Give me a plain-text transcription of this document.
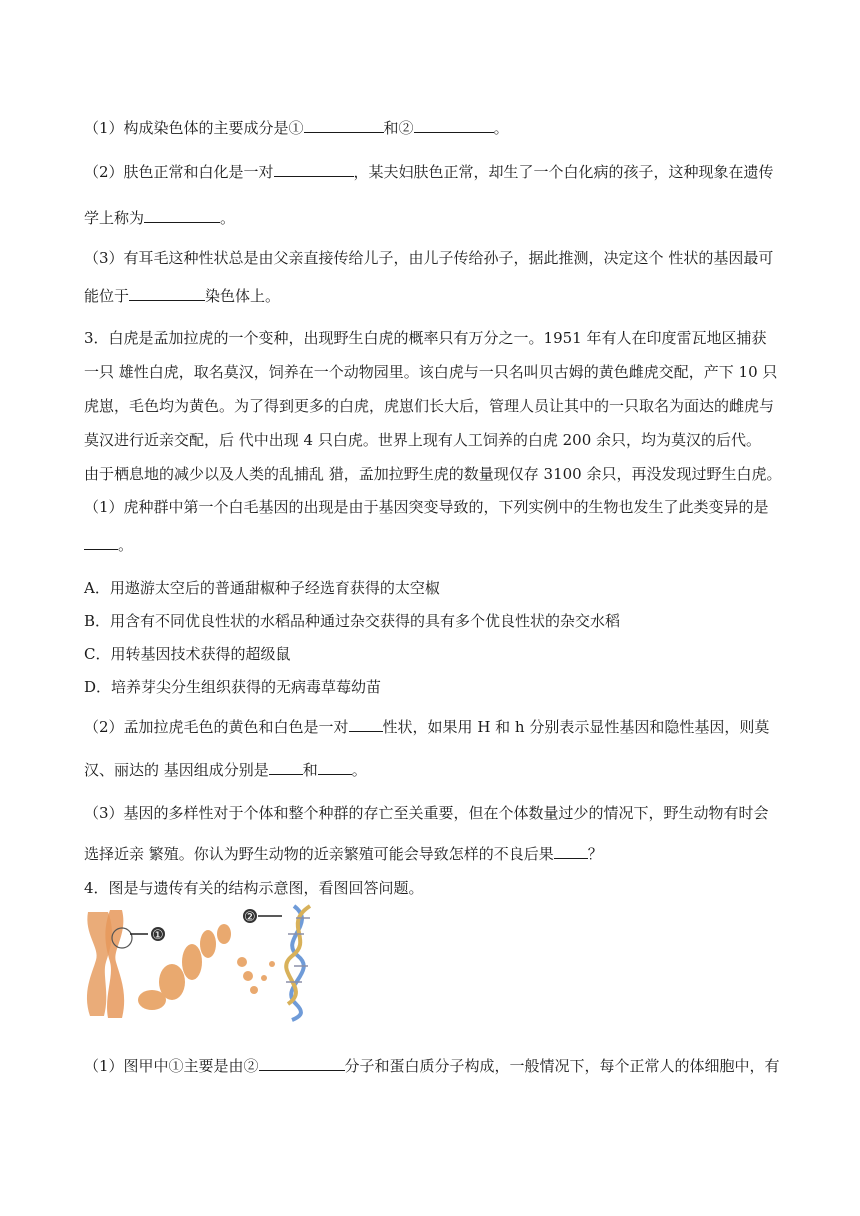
（1）构成染色体的主要成分是①	和②	。
（2）肤色正常和白化是一对	，某夫妇肤色正常，却生了一个白化病的孩子，这种现象在遗传
学上称为	。
（3）有耳毛这种性状总是由父亲直接传给儿子，由儿子传给孙子，据此推测，决定这个 性状的基因最可
能位于	染色体上。
3．白虎是孟加拉虎的一个变种，出现野生白虎的概率只有万分之一。1951 年有人在印度雷瓦地区捕获
一只 雄性白虎，取名莫汉，饲养在一个动物园里。该白虎与一只名叫贝古姆的黄色雌虎交配，产下 10 只
虎崽，毛色均为黄色。为了得到更多的白虎，虎崽们长大后，管理人员让其中的一只取名为面达的雌虎与
莫汉进行近亲交配，后 代中出现 4 只白虎。世界上现有人工饲养的白虎 200 余只，均为莫汉的后代。
由于栖息地的减少以及人类的乱捕乱 猎，孟加拉野生虎的数量现仅存 3100 余只，再没发现过野生白虎。
（1）虎种群中第一个白毛基因的出现是由于基因突变导致的，下列实例中的生物也发生了此类变异的是
。
A．用遨游太空后的普通甜椒种子经选育获得的太空椒
B．用含有不同优良性状的水稻品种通过杂交获得的具有多个优良性状的杂交水稻
C．用转基因技术获得的超级鼠
D．培养芽尖分生组织获得的无病毒草莓幼苗
（2）孟加拉虎毛色的黄色和白色是一对 性状，如果用 H 和 h 分别表示显性基因和隐性基因，则莫
汉、丽达的 基因组成分别是 和 。
（3）基因的多样性对于个体和整个种群的存亡至关重要，但在个体数量过少的情况下，野生动物有时会
选择近亲 繁殖。你认为野生动物的近亲繁殖可能会导致怎样的不良后果 ？
4．图是与遗传有关的结构示意图，看图回答问题。
（1）图甲中①主要是由②	分子和蛋白质分子构成，一般情况下，每个正常人的体细胞中，有
①
②
